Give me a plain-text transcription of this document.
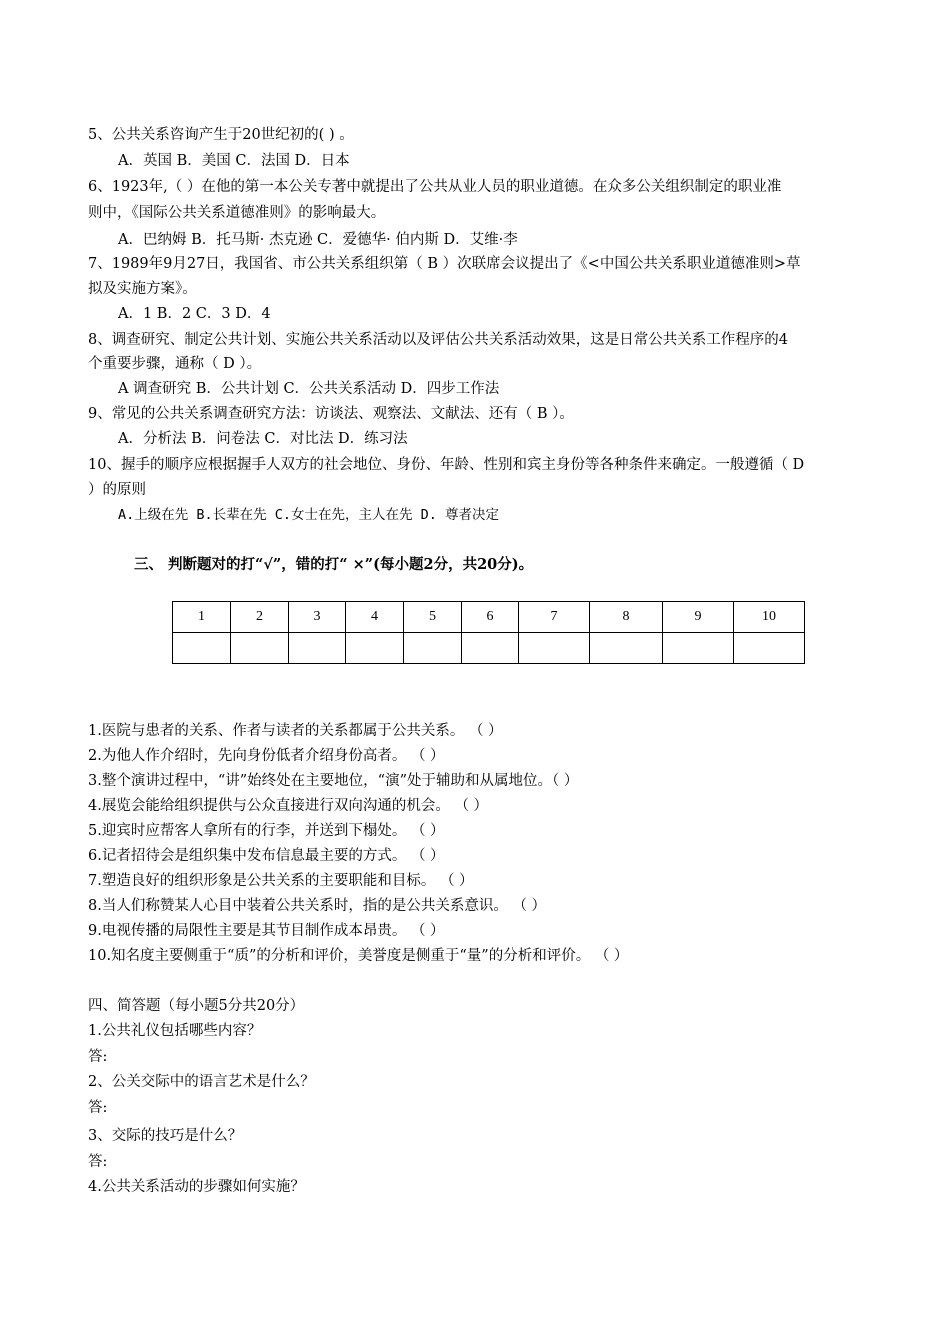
5、公共关系咨询产生于20世纪初的( ) 。
A．英国 B．美国 C．法国 D．日本
6、1923年,（ ）在他的第一本公关专著中就提出了公共从业人员的职业道德。在众多公关组织制定的职业准
则中，《国际公共关系道德准则》的影响最大。
A．巴纳姆 B．托马斯· 杰克逊 C．爱德华· 伯内斯 D．艾维·李
7、1989年9月27日，我国省、市公共关系组织第（ B ）次联席会议提出了《<中国公共关系职业道德准则>草
拟及实施方案》。
A．1 B．2 C．3 D．4
8、调查研究、制定公共计划、实施公共关系活动以及评估公共关系活动效果，这是日常公共关系工作程序的4
个重要步骤，通称（ D ）。
A 调查研究 B．公共计划 C．公共关系活动 D．四步工作法
9、常见的公共关系调查研究方法：访谈法、观察法、文献法、还有（ B ）。
A．分析法 B．问卷法 C．对比法 D．练习法
10、握手的顺序应根据握手人双方的社会地位、身份、年龄、性别和宾主身份等各种条件来确定。一般遵循（ D
）的原则
A.上级在先 B.长辈在先 C.女士在先，主人在先 D. 尊者决定
三、 判断题对的打“√”，错的打“ ×”(每小题2分，共20分)。
1	2	3	4	5	6	7	8	9	10

1.医院与患者的关系、作者与读者的关系都属于公共关系。 （ ）
2.为他人作介绍时，先向身份低者介绍身份高者。 （ ）
3.整个演讲过程中，“讲”始终处在主要地位，“演”处于辅助和从属地位。（ ）
4.展览会能给组织提供与公众直接进行双向沟通的机会。 （ ）
5.迎宾时应帮客人拿所有的行李，并送到下榻处。 （ ）
6.记者招待会是组织集中发布信息最主要的方式。 （ ）
7.塑造良好的组织形象是公共关系的主要职能和目标。 （ ）
8.当人们称赞某人心目中装着公共关系时，指的是公共关系意识。 （ ）
9.电视传播的局限性主要是其节目制作成本昂贵。 （ ）
10.知名度主要侧重于“质”的分析和评价，美誉度是侧重于“量”的分析和评价。 （ ）
四、简答题（每小题5分共20分）
1.公共礼仪包括哪些内容？
答:
2、公关交际中的语言艺术是什么？
答:
3、交际的技巧是什么？
答:
4.公共关系活动的步骤如何实施？
